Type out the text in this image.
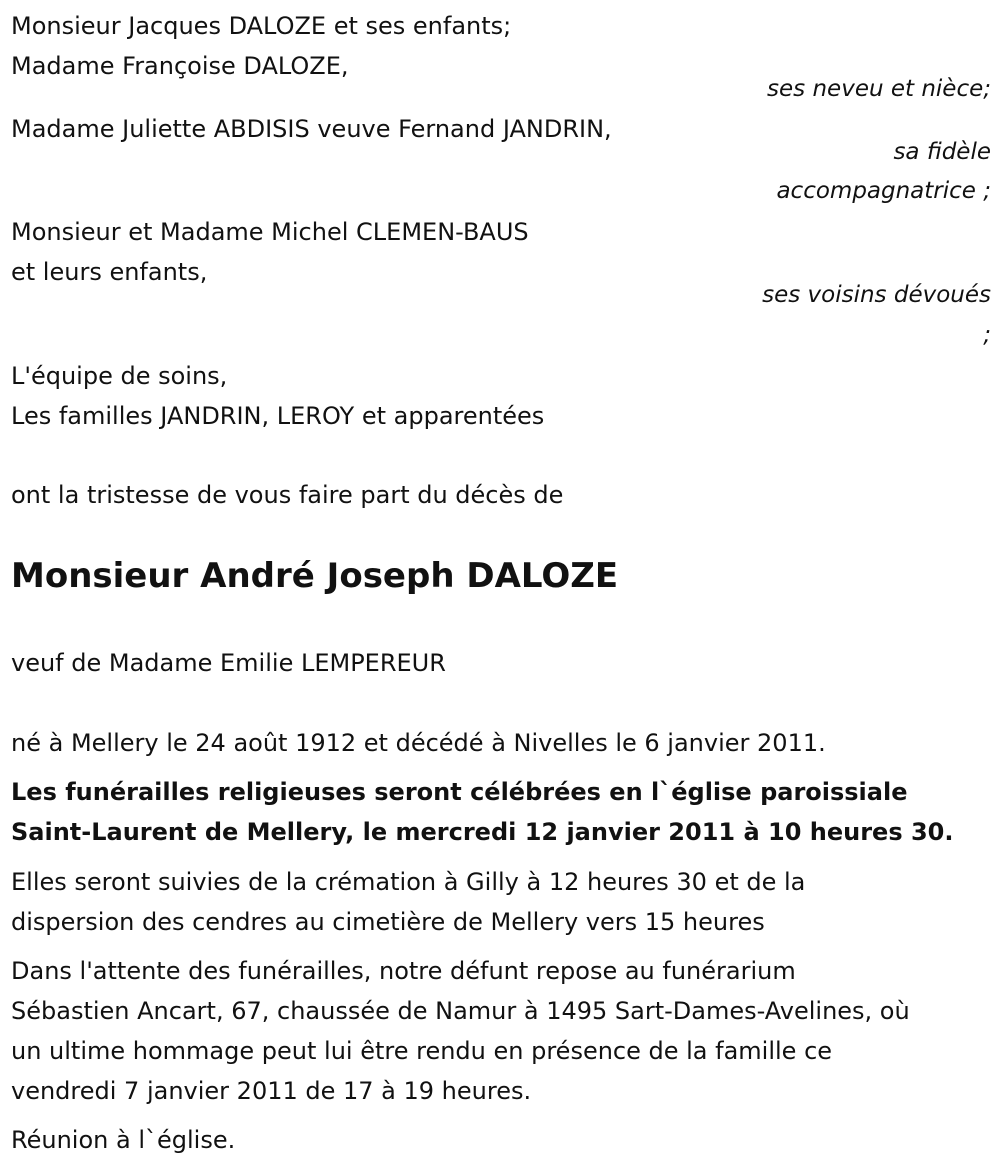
Monsieur Jacques DALOZE et ses enfants;
Madame Françoise DALOZE,
ses neveu et nièce;
Madame Juliette ABDISIS veuve Fernand JANDRIN,
sa fidèle
accompagnatrice ;
Monsieur et Madame Michel CLEMEN-BAUS
et leurs enfants,
ses voisins dévoués
;
L'équipe de soins,
Les familles JANDRIN, LEROY et apparentées
ont la tristesse de vous faire part du décès de
Monsieur André Joseph DALOZE
veuf de Madame Emilie LEMPEREUR
né à Mellery le 24 août 1912 et décédé à Nivelles le 6 janvier 2011.
Les funérailles religieuses seront célébrées en l`église paroissiale
Saint-Laurent de Mellery, le mercredi 12 janvier 2011 à 10 heures 30.
Elles seront suivies de la crémation à Gilly à 12 heures 30 et de la
dispersion des cendres au cimetière de Mellery vers 15 heures
Dans l'attente des funérailles, notre défunt repose au funérarium
Sébastien Ancart, 67, chaussée de Namur à 1495 Sart-Dames-Avelines, où
un ultime hommage peut lui être rendu en présence de la famille ce
vendredi 7 janvier 2011 de 17 à 19 heures.
Réunion à l`église.
